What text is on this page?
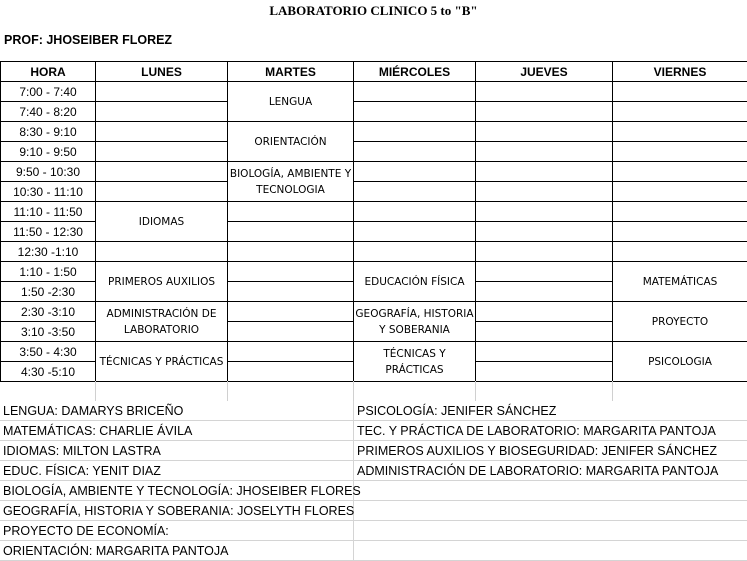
LABORATORIO CLINICO 5 to "B"
PROF: JHOSEIBER FLOREZ
HORA	LUNES	MARTES	MIÉRCOLES	JUEVES	VIERNES
7:00 - 7:40		LENGUA			
7:40 - 8:20					
8:30 - 9:10		ORIENTACIÓN			
9:10 - 9:50					
9:50 - 10:30		BIOLOGÍA, AMBIENTE Y TECNOLOGIA			
10:30 - 11:10					
11:10 - 11:50	IDIOMAS				
11:50 - 12:30					
12:30 -1:10					
1:10 - 1:50	PRIMEROS AUXILIOS		EDUCACIÓN FÍSICA		MATEMÁTICAS
1:50 -2:30					
2:30 -3:10	ADMINISTRACIÓN DE LABORATORIO		GEOGRAFÍA, HISTORIA Y SOBERANIA		PROYECTO
3:10 -3:50					
3:50 - 4:30	TÉCNICAS Y PRÁCTICAS		TÉCNICAS Y PRÁCTICAS		PSICOLOGIA
4:30 -5:10					
LENGUA: DAMARYS BRICEÑO
MATEMÁTICAS: CHARLIE ÁVILA
IDIOMAS: MILTON LASTRA
EDUC. FÍSICA: YENIT DIAZ
BIOLOGÍA, AMBIENTE Y TECNOLOGÍA: JHOSEIBER FLORES
GEOGRAFÍA, HISTORIA Y SOBERANIA: JOSELYTH FLORES
PROYECTO DE ECONOMÍA:
ORIENTACIÓN: MARGARITA PANTOJA
PSICOLOGÍA: JENIFER SÁNCHEZ
TEC. Y PRÁCTICA DE LABORATORIO: MARGARITA PANTOJA
PRIMEROS AUXILIOS Y BIOSEGURIDAD: JENIFER SÁNCHEZ
ADMINISTRACIÓN DE LABORATORIO: MARGARITA PANTOJA
